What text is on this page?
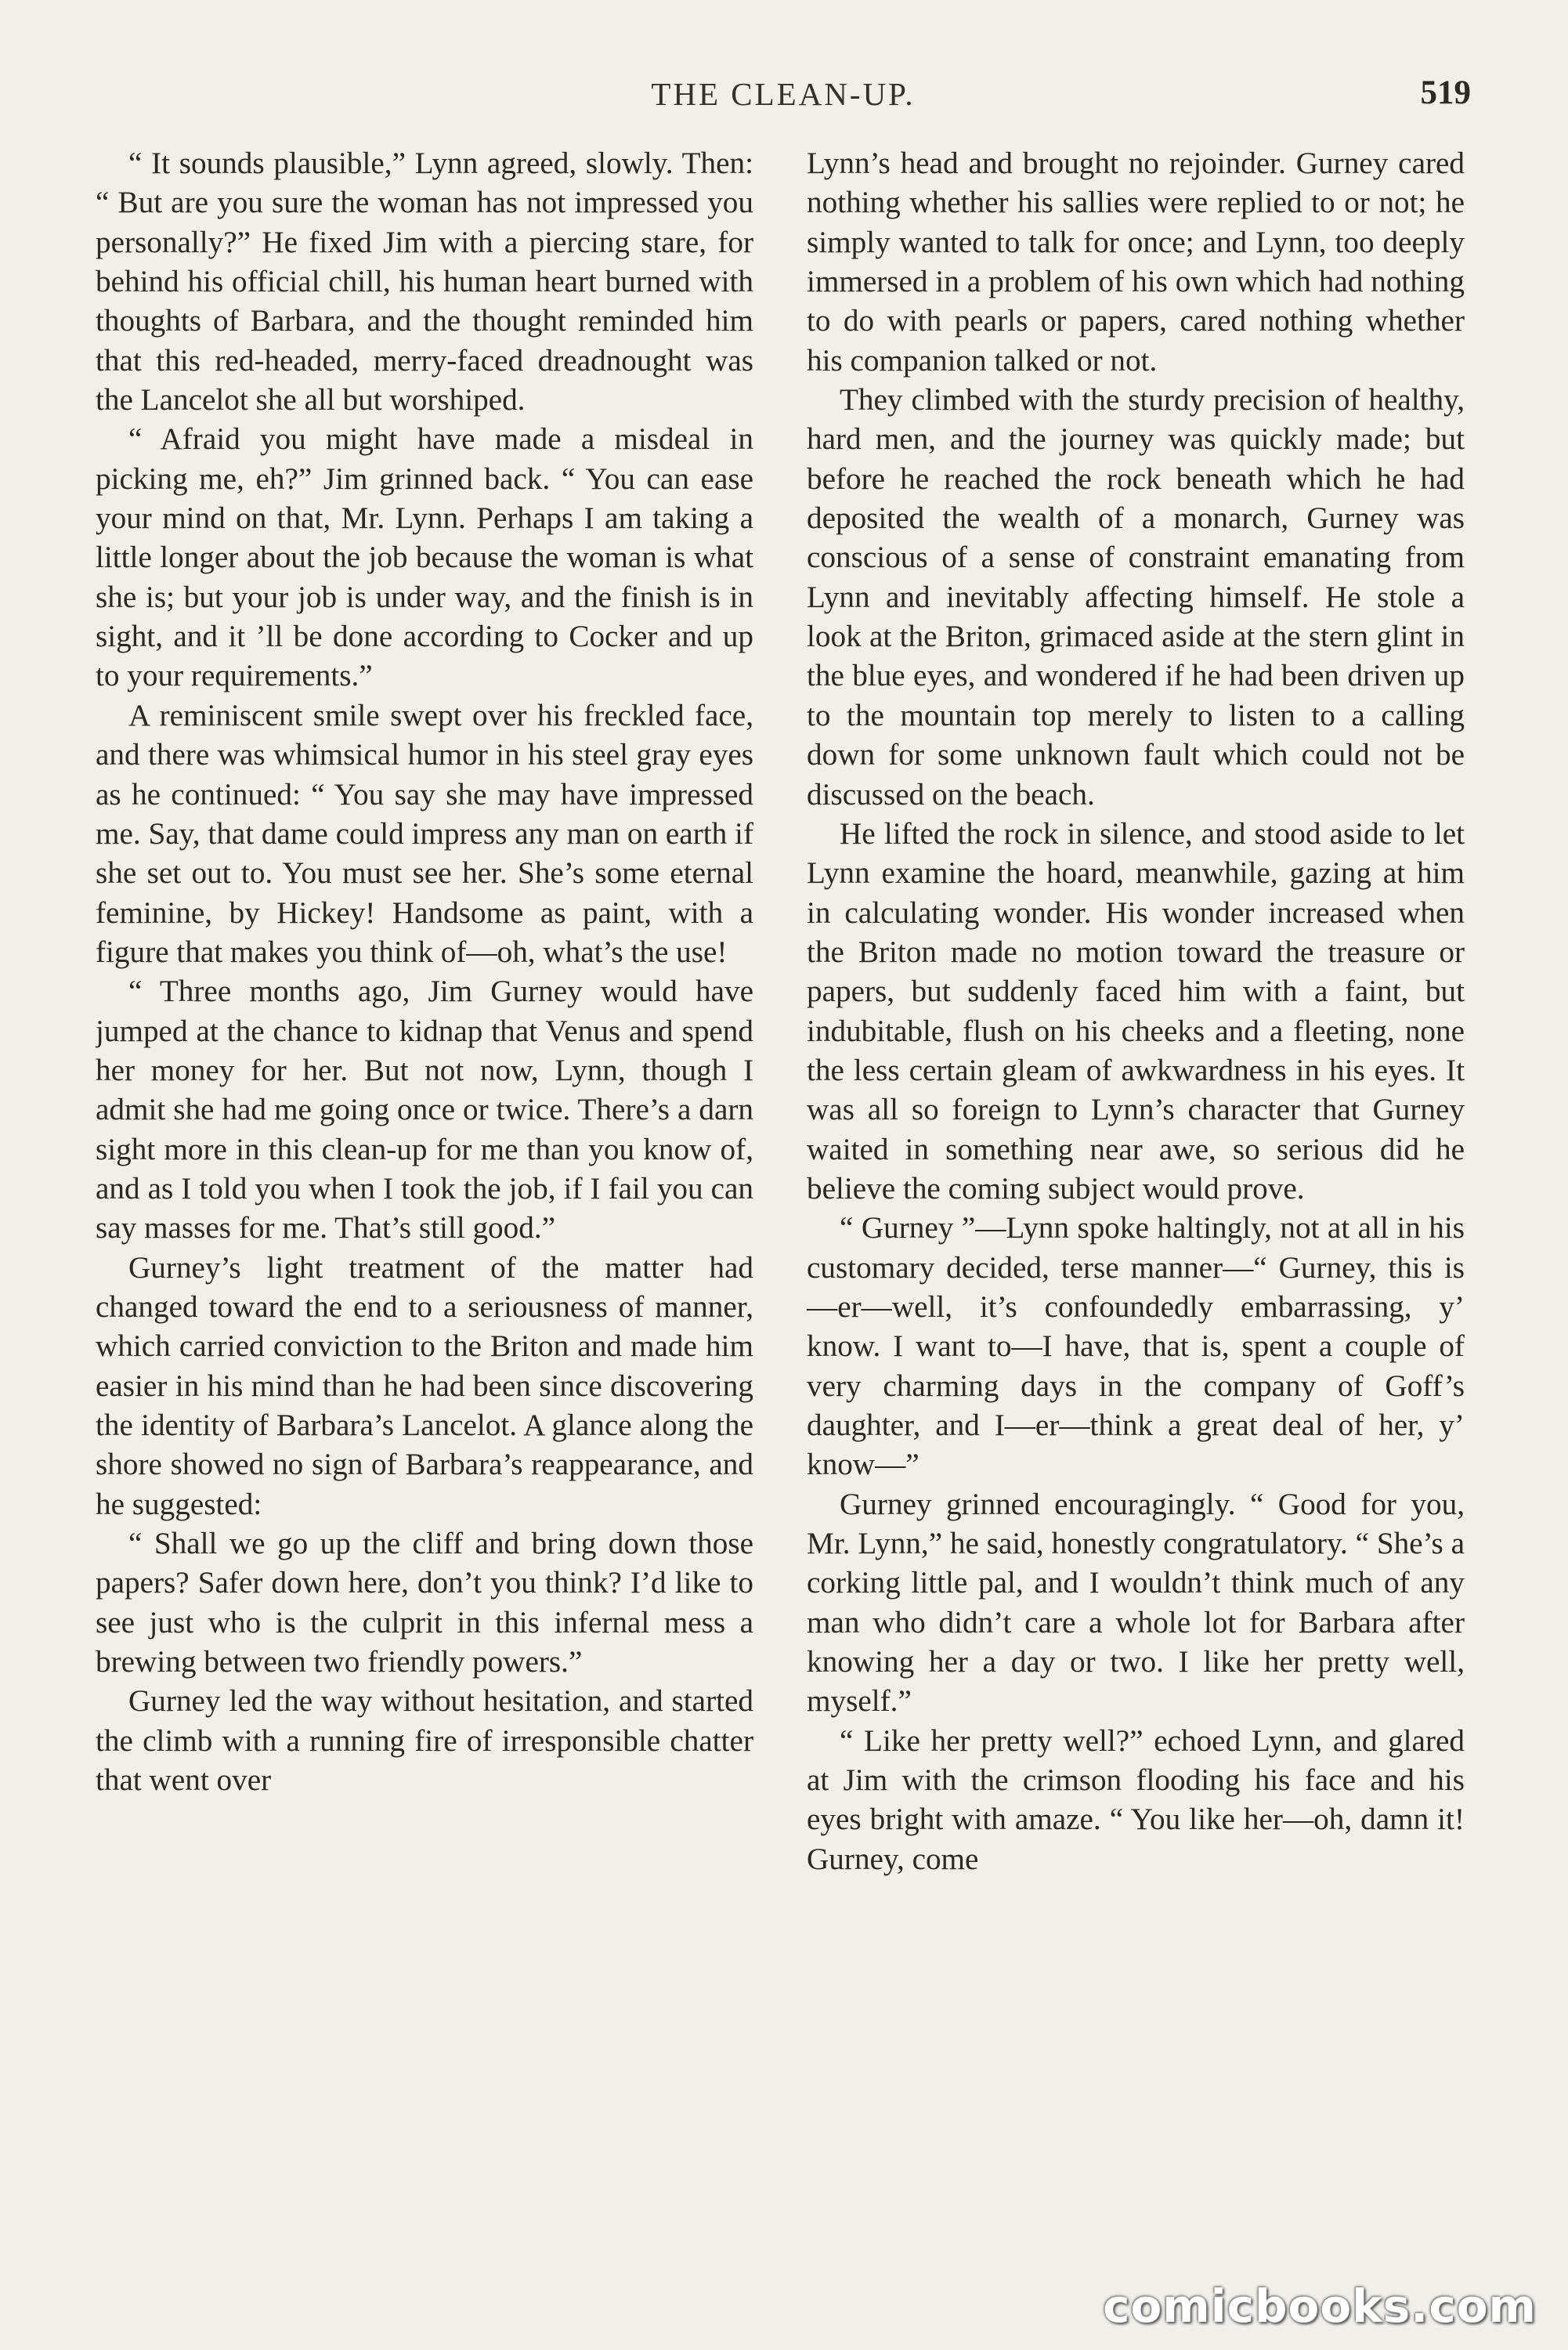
THE CLEAN-UP.	519

“ It sounds plausible,” Lynn agreed, slowly. Then: “ But are you sure the woman has not impressed you personally?” He fixed Jim with a piercing stare, for behind his official chill, his human heart burned with thoughts of Barbara, and the thought reminded him that this red-headed, merry-faced dreadnought was the Lancelot she all but worshiped.

“ Afraid you might have made a misdeal in picking me, eh?” Jim grinned back. “ You can ease your mind on that, Mr. Lynn. Perhaps I am taking a little longer about the job because the woman is what she is; but your job is under way, and the finish is in sight, and it ’ll be done according to Cocker and up to your requirements.”

A reminiscent smile swept over his freckled face, and there was whimsical humor in his steel gray eyes as he continued: “ You say she may have impressed me. Say, that dame could impress any man on earth if she set out to. You must see her. She’s some eternal feminine, by Hickey! Handsome as paint, with a figure that makes you think of—oh, what’s the use!

“ Three months ago, Jim Gurney would have jumped at the chance to kidnap that Venus and spend her money for her. But not now, Lynn, though I admit she had me going once or twice. There’s a darn sight more in this clean-up for me than you know of, and as I told you when I took the job, if I fail you can say masses for me. That’s still good.”

Gurney’s light treatment of the matter had changed toward the end to a seriousness of manner, which carried conviction to the Briton and made him easier in his mind than he had been since discovering the identity of Barbara’s Lancelot. A glance along the shore showed no sign of Barbara’s reappearance, and he suggested:

“ Shall we go up the cliff and bring down those papers? Safer down here, don’t you think? I’d like to see just who is the culprit in this infernal mess a brewing between two friendly powers.”

Gurney led the way without hesitation, and started the climb with a running fire of irresponsible chatter that went over

Lynn’s head and brought no rejoinder. Gurney cared nothing whether his sallies were replied to or not; he simply wanted to talk for once; and Lynn, too deeply immersed in a problem of his own which had nothing to do with pearls or papers, cared nothing whether his companion talked or not.

They climbed with the sturdy precision of healthy, hard men, and the journey was quickly made; but before he reached the rock beneath which he had deposited the wealth of a monarch, Gurney was conscious of a sense of constraint emanating from Lynn and inevitably affecting himself. He stole a look at the Briton, grimaced aside at the stern glint in the blue eyes, and wondered if he had been driven up to the mountain top merely to listen to a calling down for some unknown fault which could not be discussed on the beach.

He lifted the rock in silence, and stood aside to let Lynn examine the hoard, meanwhile, gazing at him in calculating wonder. His wonder increased when the Briton made no motion toward the treasure or papers, but suddenly faced him with a faint, but indubitable, flush on his cheeks and a fleeting, none the less certain gleam of awkwardness in his eyes. It was all so foreign to Lynn’s character that Gurney waited in something near awe, so serious did he believe the coming subject would prove.

“ Gurney ”—Lynn spoke haltingly, not at all in his customary decided, terse manner—“ Gurney, this is—er—well, it’s confoundedly embarrassing, y’ know. I want to—I have, that is, spent a couple of very charming days in the company of Goff’s daughter, and I—er—think a great deal of her, y’ know—”

Gurney grinned encouragingly. “ Good for you, Mr. Lynn,” he said, honestly congratulatory. “ She’s a corking little pal, and I wouldn’t think much of any man who didn’t care a whole lot for Barbara after knowing her a day or two. I like her pretty well, myself.”

“ Like her pretty well?” echoed Lynn, and glared at Jim with the crimson flooding his face and his eyes bright with amaze. “ You like her—oh, damn it! Gurney, come

comicbooks.com
